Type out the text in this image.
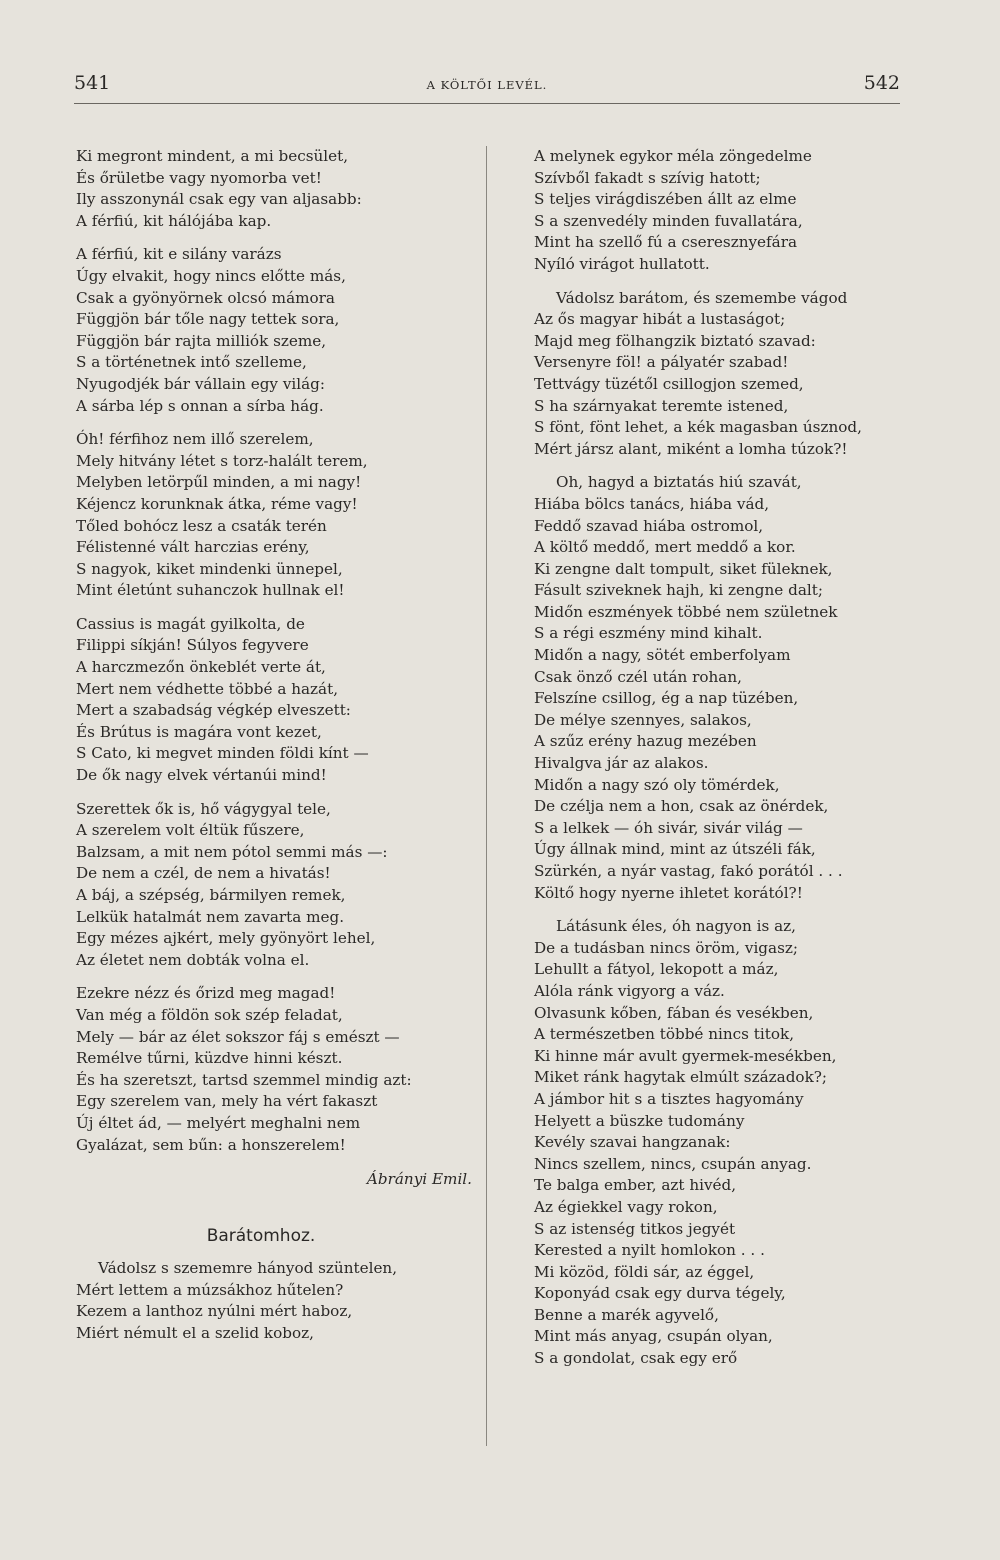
541	A KÖLTŐI LEVÉL.	542
Ki megront mindent, a mi becsület,
És őrületbe vagy nyomorba vet!
Ily asszonynál csak egy van aljasabb:
A férfiú, kit hálójába kap.
A férfiú, kit e silány varázs
Úgy elvakit, hogy nincs előtte más,
Csak a gyönyörnek olcsó mámora
Függjön bár tőle nagy tettek sora,
Függjön bár rajta milliók szeme,
S a történetnek intő szelleme,
Nyugodjék bár vállain egy világ:
A sárba lép s onnan a sírba hág.
Óh! férfihoz nem illő szerelem,
Mely hitvány létet s torz-halált terem,
Melyben letörpűl minden, a mi nagy!
Kéjencz korunknak átka, réme vagy!
Tőled bohócz lesz a csaták terén
Félistenné vált harczias erény,
S nagyok, kiket mindenki ünnepel,
Mint életúnt suhanczok hullnak el!
Cassius is magát gyilkolta, de
Filippi síkján! Súlyos fegyvere
A harczmezőn önkeblét verte át,
Mert nem védhette többé a hazát,
Mert a szabadság végkép elveszett:
És Brútus is magára vont kezet,
S Cato, ki megvet minden földi kínt —
De ők nagy elvek vértanúi mind!
Szerettek ők is, hő vágygyal tele,
A szerelem volt éltük fűszere,
Balzsam, a mit nem pótol semmi más —:
De nem a czél, de nem a hivatás!
A báj, a szépség, bármilyen remek,
Lelkük hatalmát nem zavarta meg.
Egy mézes ajkért, mely gyönyört lehel,
Az életet nem dobták volna el.
Ezekre nézz és őrizd meg magad!
Van még a földön sok szép feladat,
Mely — bár az élet sokszor fáj s emészt —
Remélve tűrni, küzdve hinni készt.
És ha szeretszt, tartsd szemmel mindig azt:
Egy szerelem van, mely ha vért fakaszt
Új éltet ád, — melyért meghalni nem
Gyalázat, sem bűn: a honszerelem!
Ábrányi Emil.
Barátomhoz.
Vádolsz s szememre hányod szüntelen,
Mért lettem a múzsákhoz hűtelen?
Kezem a lanthoz nyúlni mért haboz,
Miért némult el a szelid koboz,
A melynek egykor méla zöngedelme
Szívből fakadt s szívig hatott;
S teljes virágdiszében állt az elme
S a szenvedély minden fuvallatára,
Mint ha szellő fú a cseresznyefára
Nyíló virágot hullatott.
Vádolsz barátom, és szemembe vágod
Az ős magyar hibát a lustaságot;
Majd meg fölhangzik biztató szavad:
Versenyre föl! a pályatér szabad!
Tettvágy tüzétől csillogjon szemed,
S ha szárnyakat teremte istened,
S fönt, fönt lehet, a kék magasban úsznod,
Mért jársz alant, miként a lomha túzok?!
Oh, hagyd a biztatás hiú szavát,
Hiába bölcs tanács, hiába vád,
Feddő szavad hiába ostromol,
A költő meddő, mert meddő a kor.
Ki zengne dalt tompult, siket füleknek,
Fásult sziveknek hajh, ki zengne dalt;
Midőn eszmények többé nem születnek
S a régi eszmény mind kihalt.
Midőn a nagy, sötét emberfolyam
Csak önző czél után rohan,
Felszíne csillog, ég a nap tüzében,
De mélye szennyes, salakos,
A szűz erény hazug mezében
Hivalgva jár az alakos.
Midőn a nagy szó oly tömérdek,
De czélja nem a hon, csak az önérdek,
S a lelkek — óh sivár, sivár világ —
Úgy állnak mind, mint az útszéli fák,
Szürkén, a nyár vastag, fakó porától . . .
Költő hogy nyerne ihletet korától?!
Látásunk éles, óh nagyon is az,
De a tudásban nincs öröm, vigasz;
Lehullt a fátyol, lekopott a máz,
Alóla ránk vigyorg a váz.
Olvasunk kőben, fában és vesékben,
A természetben többé nincs titok,
Ki hinne már avult gyermek-mesékben,
Miket ránk hagytak elmúlt századok?;
A jámbor hit s a tisztes hagyomány
Helyett a büszke tudomány
Kevély szavai hangzanak:
Nincs szellem, nincs, csupán anyag.
Te balga ember, azt hivéd,
Az égiekkel vagy rokon,
S az istenség titkos jegyét
Kerested a nyilt homlokon . . .
Mi közöd, földi sár, az éggel,
Koponyád csak egy durva tégely,
Benne a marék agyvelő,
Mint más anyag, csupán olyan,
S a gondolat, csak egy erő
